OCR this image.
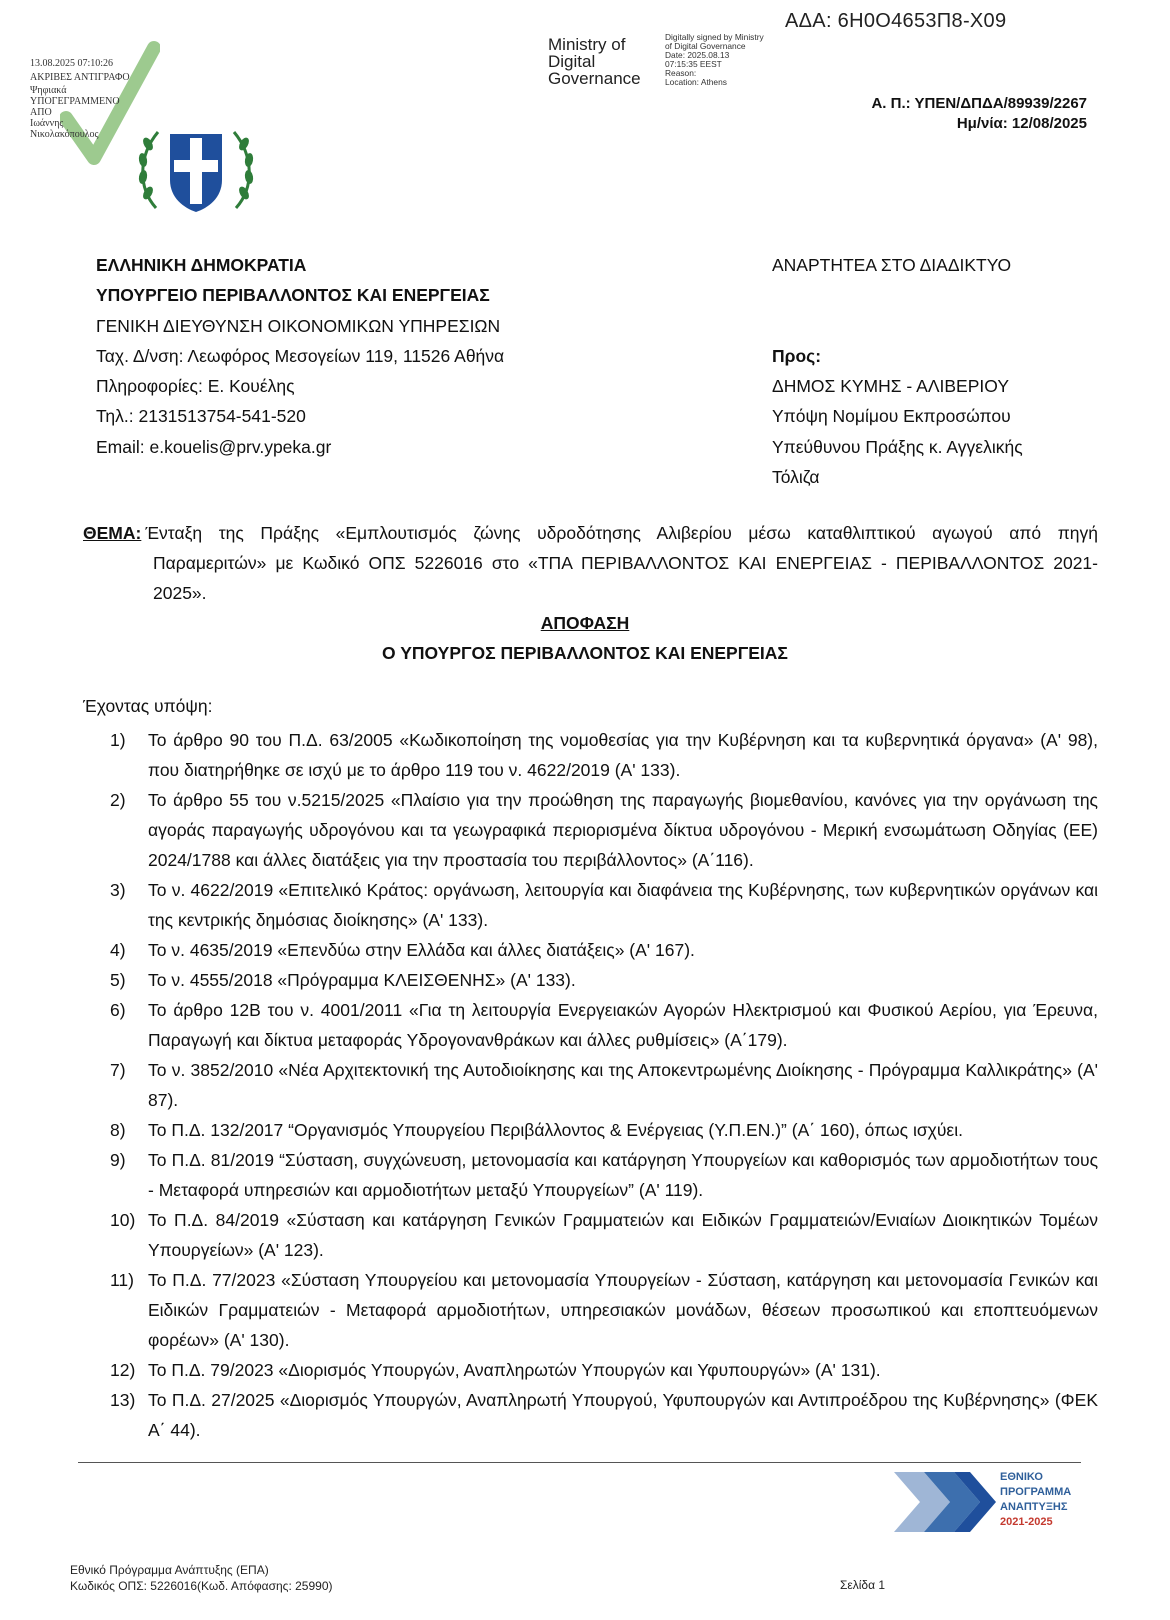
13.08.2025 07:10:26
ΑΚΡΙΒΕΣ ΑΝΤΙΓΡΑΦΟ
Ψηφιακά
ΥΠΟΓΕΓΡΑΜΜΕΝΟ
ΑΠΟ
Ιωάννης
Νικολακόπουλος
Ministry of
Digital
Governance
Digitally signed by Ministry
of Digital Governance
Date: 2025.08.13
07:15:35 EEST
Reason:
Location: Athens
ΑΔΑ: 6Η0Ο4653Π8-Χ09
Α. Π.: ΥΠΕΝ/ΔΠΔΑ/89939/2267
Ημ/νία: 12/08/2025
ΕΛΛΗΝΙΚΗ ΔΗΜΟΚΡΑΤΙΑ
ΥΠΟΥΡΓΕΙΟ ΠΕΡΙΒΑΛΛΟΝΤΟΣ ΚΑΙ ΕΝΕΡΓΕΙΑΣ
ΓΕΝΙΚΗ ΔΙΕΥΘΥΝΣΗ ΟΙΚΟΝΟΜΙΚΩΝ ΥΠΗΡΕΣΙΩΝ
Ταχ. Δ/νση: Λεωφόρος Μεσογείων 119, 11526 Αθήνα
Πληροφορίες: Ε. Κουέλης
Τηλ.: 2131513754-541-520
Email: e.kouelis@prv.ypeka.gr
ΑΝΑΡΤΗΤΕΑ ΣΤΟ ΔΙΑΔΙΚΤΥΟ
Προς:
ΔΗΜΟΣ ΚΥΜΗΣ - ΑΛΙΒΕΡΙΟΥ
Υπόψη Νομίμου Εκπροσώπου
Υπεύθυνου Πράξης κ. Αγγελικής
Τόλιζα
ΘΕΜΑ: Ένταξη της Πράξης «Εμπλουτισμός ζώνης υδροδότησης Αλιβερίου μέσω καταθλιπτικού αγωγού από πηγή
Παραμεριτών» με Κωδικό ΟΠΣ 5226016 στο «ΤΠΑ ΠΕΡΙΒΑΛΛΟΝΤΟΣ ΚΑΙ ΕΝΕΡΓΕΙΑΣ - ΠΕΡΙΒΑΛΛΟΝΤΟΣ 2021-
2025».
ΑΠΟΦΑΣΗ
Ο ΥΠΟΥΡΓΟΣ ΠΕΡΙΒΑΛΛΟΝΤΟΣ ΚΑΙ ΕΝΕΡΓΕΙΑΣ
Έχοντας υπόψη:
1)	Το άρθρο 90 του Π.Δ. 63/2005 «Κωδικοποίηση της νομοθεσίας για την Κυβέρνηση και τα κυβερνητικά όργανα» (Α' 98), που διατηρήθηκε σε ισχύ με το άρθρο 119 του ν. 4622/2019 (Α' 133).
2)	Το άρθρο 55 του ν.5215/2025 «Πλαίσιο για την προώθηση της παραγωγής βιομεθανίου, κανόνες για την οργάνωση της αγοράς παραγωγής υδρογόνου και τα γεωγραφικά περιορισμένα δίκτυα υδρογόνου - Μερική ενσωμάτωση Οδηγίας (ΕΕ) 2024/1788 και άλλες διατάξεις για την προστασία του περιβάλλοντος» (Α΄116).
3)	Το ν. 4622/2019 «Επιτελικό Κράτος: οργάνωση, λειτουργία και διαφάνεια της Κυβέρνησης, των κυβερνητικών οργάνων και της κεντρικής δημόσιας διοίκησης» (Α' 133).
4)	Το ν. 4635/2019 «Επενδύω στην Ελλάδα και άλλες διατάξεις» (Α' 167).
5)	Το ν. 4555/2018 «Πρόγραμμα ΚΛΕΙΣΘΕΝΗΣ» (Α' 133).
6)	Το άρθρο 12Β του ν. 4001/2011 «Για τη λειτουργία Ενεργειακών Αγορών Ηλεκτρισμού και Φυσικού Αερίου, για Έρευνα, Παραγωγή και δίκτυα μεταφοράς Υδρογονανθράκων και άλλες ρυθμίσεις» (Α΄179).
7)	Το ν. 3852/2010 «Νέα Αρχιτεκτονική της Αυτοδιοίκησης και της Αποκεντρωμένης Διοίκησης - Πρόγραμμα Καλλικράτης» (Α' 87).
8)	Το Π.Δ. 132/2017 “Οργανισμός Υπουργείου Περιβάλλοντος & Ενέργειας (Υ.Π.ΕΝ.)” (Α΄ 160), όπως ισχύει.
9)	Το Π.Δ. 81/2019 “Σύσταση, συγχώνευση, μετονομασία και κατάργηση Υπουργείων και καθορισμός των αρμοδιοτήτων τους - Μεταφορά υπηρεσιών και αρμοδιοτήτων μεταξύ Υπουργείων” (Α' 119).
10) Το Π.Δ. 84/2019 «Σύσταση και κατάργηση Γενικών Γραμματειών και Ειδικών Γραμματειών/Ενιαίων Διοικητικών Τομέων Υπουργείων» (Α' 123).
11) Το Π.Δ. 77/2023 «Σύσταση Υπουργείου και μετονομασία Υπουργείων - Σύσταση, κατάργηση και μετονομασία Γενικών και Ειδικών Γραμματειών - Μεταφορά αρμοδιοτήτων, υπηρεσιακών μονάδων, θέσεων προσωπικού και εποπτευόμενων φορέων» (Α' 130).
12) Το Π.Δ. 79/2023 «Διορισμός Υπουργών, Αναπληρωτών Υπουργών και Υφυπουργών» (Α' 131).
13) Το Π.Δ. 27/2025 «Διορισμός Υπουργών, Αναπληρωτή Υπουργού, Υφυπουργών και Αντιπροέδρου της Κυβέρνησης» (ΦΕΚ Α΄ 44).
ΕΘΝΙΚΟ
ΠΡΟΓΡΑΜΜΑ
ΑΝΑΠΤΥΞΗΣ
2021-2025
Εθνικό Πρόγραμμα Ανάπτυξης (ΕΠΑ)
Κωδικός ΟΠΣ: 5226016(Κωδ. Απόφασης: 25990)	Σελίδα 1
